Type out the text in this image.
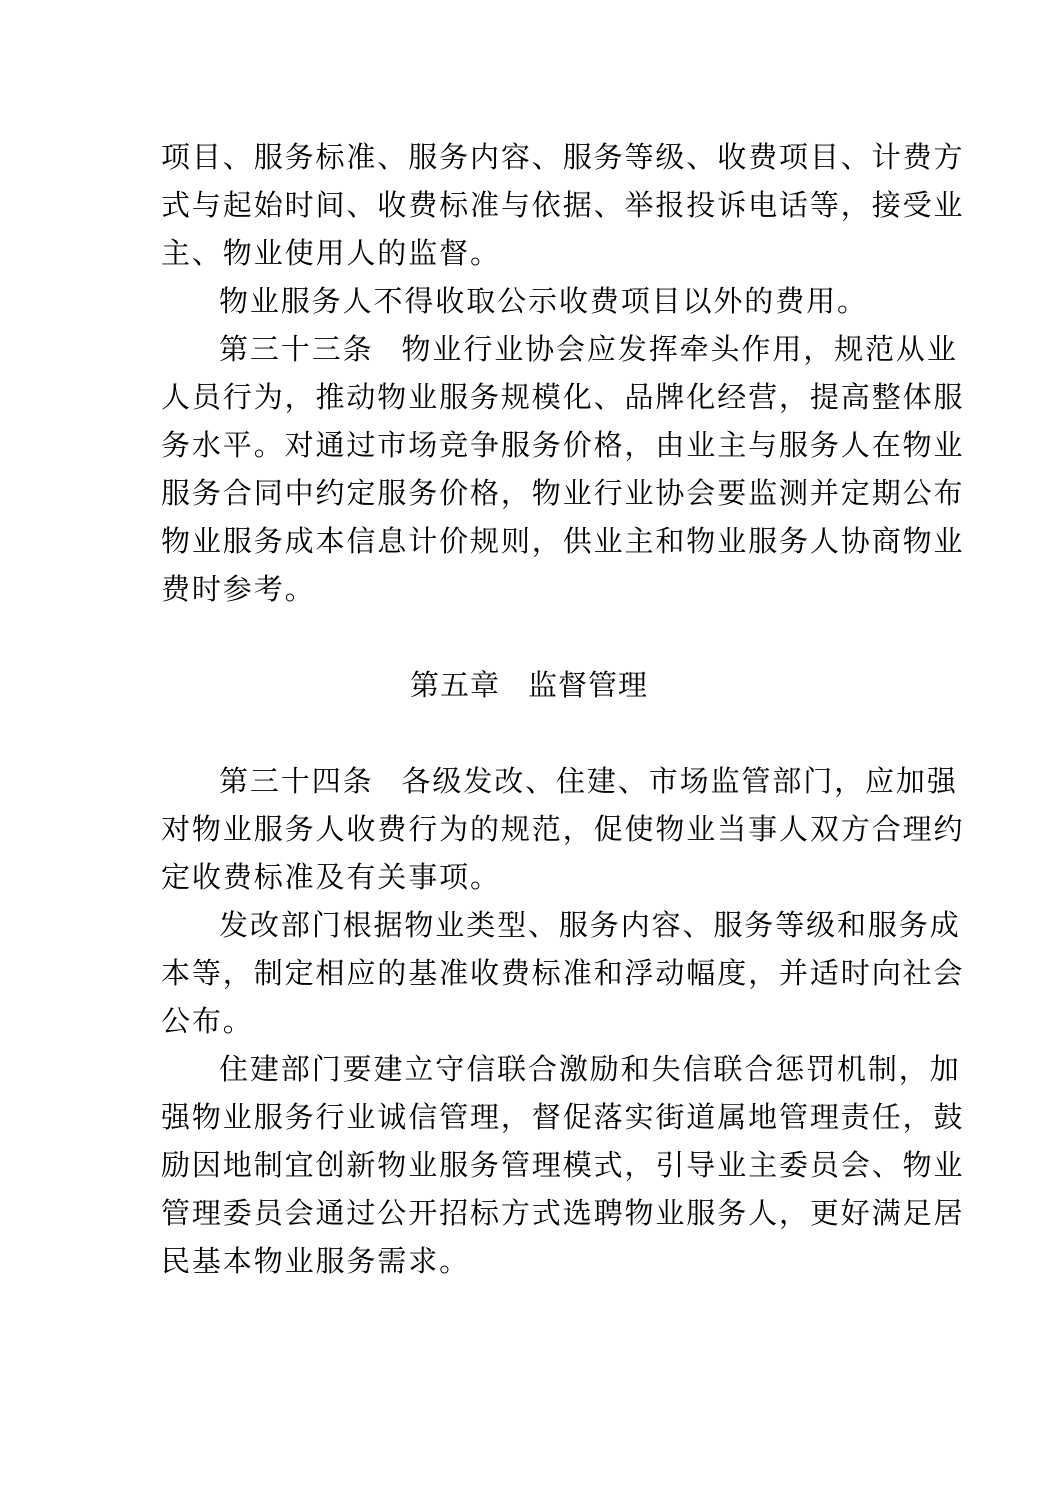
项目、服务标准、服务内容、服务等级、收费项目、计费方
式与起始时间、收费标准与依据、举报投诉电话等，接受业
主、物业使用人的监督。
物业服务人不得收取公示收费项目以外的费用。
第三十三条 物业行业协会应发挥牵头作用，规范从业
人员行为，推动物业服务规模化、品牌化经营，提高整体服
务水平。对通过市场竞争服务价格，由业主与服务人在物业
服务合同中约定服务价格，物业行业协会要监测并定期公布
物业服务成本信息计价规则，供业主和物业服务人协商物业
费时参考。
第五章 监督管理
第三十四条 各级发改、住建、市场监管部门，应加强
对物业服务人收费行为的规范，促使物业当事人双方合理约
定收费标准及有关事项。
发改部门根据物业类型、服务内容、服务等级和服务成
本等，制定相应的基准收费标准和浮动幅度，并适时向社会
公布。
住建部门要建立守信联合激励和失信联合惩罚机制，加
强物业服务行业诚信管理，督促落实街道属地管理责任，鼓
励因地制宜创新物业服务管理模式，引导业主委员会、物业
管理委员会通过公开招标方式选聘物业服务人，更好满足居
民基本物业服务需求。
